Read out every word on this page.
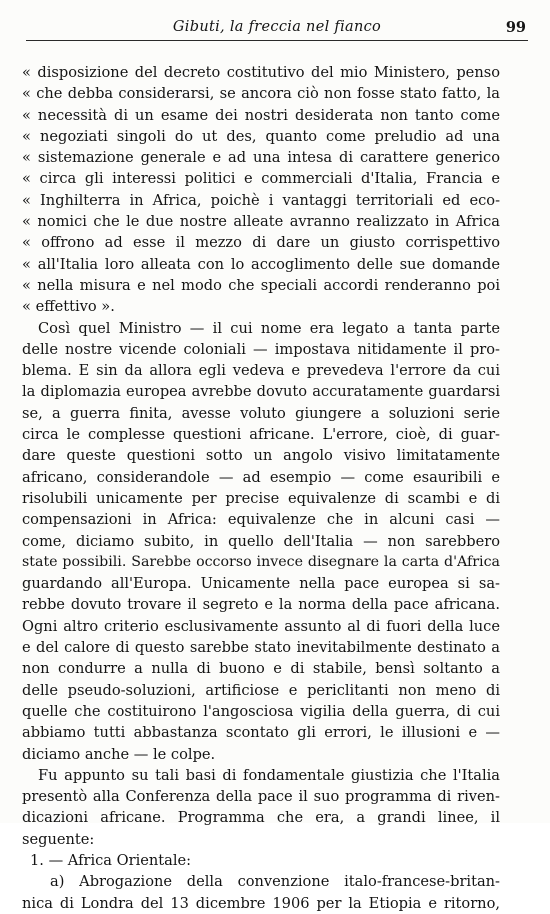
Gibuti, la freccia nel fianco	99
« disposizione del decreto costitutivo del mio Ministero, penso
« che debba considerarsi, se ancora ciò non fosse stato fatto, la
« necessità di un esame dei nostri desiderata non tanto come
« negoziati singoli do ut des, quanto come preludio ad una
« sistemazione generale e ad una intesa di carattere generico
« circa gli interessi politici e commerciali d'Italia, Francia e
« Inghilterra in Africa, poichè i vantaggi territoriali ed eco-
« nomici che le due nostre alleate avranno realizzato in Africa
« offrono ad esse il mezzo di dare un giusto corrispettivo
« all'Italia loro alleata con lo accoglimento delle sue domande
« nella misura e nel modo che speciali accordi renderanno poi
« effettivo ».
Così quel Ministro — il cui nome era legato a tanta parte
delle nostre vicende coloniali — impostava nitidamente il pro-
blema. E sin da allora egli vedeva e prevedeva l'errore da cui
la diplomazia europea avrebbe dovuto accuratamente guardarsi
se, a guerra finita, avesse voluto giungere a soluzioni serie
circa le complesse questioni africane. L'errore, cioè, di guar-
dare queste questioni sotto un angolo visivo limitatamente
africano, considerandole — ad esempio — come esauribili e
risolubili unicamente per precise equivalenze di scambi e di
compensazioni in Africa: equivalenze che in alcuni casi —
come, diciamo subito, in quello dell'Italia — non sarebbero
state possibili. Sarebbe occorso invece disegnare la carta d'Africa
guardando all'Europa. Unicamente nella pace europea si sa-
rebbe dovuto trovare il segreto e la norma della pace africana.
Ogni altro criterio esclusivamente assunto al di fuori della luce
e del calore di questo sarebbe stato inevitabilmente destinato a
non condurre a nulla di buono e di stabile, bensì soltanto a
delle pseudo-soluzioni, artificiose e periclitanti non meno di
quelle che costituirono l'angosciosa vigilia della guerra, di cui
abbiamo tutti abbastanza scontato gli errori, le illusioni e —
diciamo anche — le colpe.
Fu appunto su tali basi di fondamentale giustizia che l'Italia
presentò alla Conferenza della pace il suo programma di riven-
dicazioni africane. Programma che era, a grandi linee, il
seguente:
1. — Africa Orientale:
a) Abrogazione della convenzione italo-francese-britan-
nica di Londra del 13 dicembre 1906 per la Etiopia e ritorno,
